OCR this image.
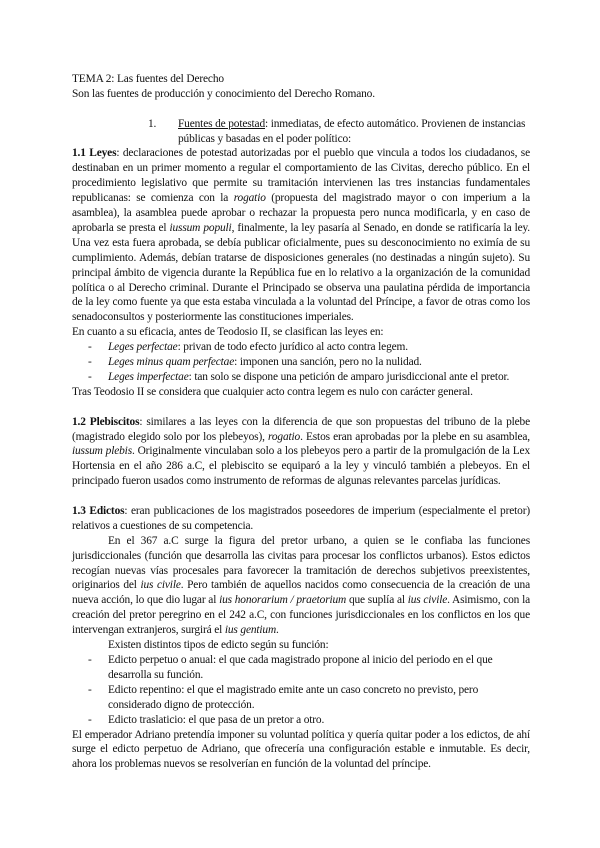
TEMA 2: Las fuentes del Derecho

Son las fuentes de producción y conocimiento del Derecho Romano.

1. Fuentes de potestad: inmediatas, de efecto automático. Provienen de instancias públicas y basadas en el poder político:

1.1 Leyes: declaraciones de potestad autorizadas por el pueblo que vincula a todos los ciudadanos, se destinaban en un primer momento a regular el comportamiento de las Civitas, derecho público. En el procedimiento legislativo que permite su tramitación intervienen las tres instancias fundamentales republicanas: se comienza con la rogatio (propuesta del magistrado mayor o con imperium a la asamblea), la asamblea puede aprobar o rechazar la propuesta pero nunca modificarla, y en caso de aprobarla se presta el iussum populi, finalmente, la ley pasaría al Senado, en donde se ratificaría la ley. Una vez esta fuera aprobada, se debía publicar oficialmente, pues su desconocimiento no eximía de su cumplimiento. Además, debían tratarse de disposiciones generales (no destinadas a ningún sujeto). Su principal ámbito de vigencia durante la República fue en lo relativo a la organización de la comunidad política o al Derecho criminal. Durante el Principado se observa una paulatina pérdida de importancia de la ley como fuente ya que esta estaba vinculada a la voluntad del Príncipe, a favor de otras como los senadoconsultos y posteriormente las constituciones imperiales.

En cuanto a su eficacia, antes de Teodosio II, se clasifican las leyes en:

- Leges perfectae: privan de todo efecto jurídico al acto contra legem.
- Leges minus quam perfectae: imponen una sanción, pero no la nulidad.
- Leges imperfectae: tan solo se dispone una petición de amparo jurisdiccional ante el pretor.

Tras Teodosio II se considera que cualquier acto contra legem es nulo con carácter general.

1.2 Plebiscitos: similares a las leyes con la diferencia de que son propuestas del tribuno de la plebe (magistrado elegido solo por los plebeyos), rogatio. Estos eran aprobadas por la plebe en su asamblea, iussum plebis. Originalmente vinculaban solo a los plebeyos pero a partir de la promulgación de la Lex Hortensia en el año 286 a.C, el plebiscito se equiparó a la ley y vinculó también a plebeyos. En el principado fueron usados como instrumento de reformas de algunas relevantes parcelas jurídicas.

1.3 Edictos: eran publicaciones de los magistrados poseedores de imperium (especialmente el pretor) relativos a cuestiones de su competencia.

En el 367 a.C surge la figura del pretor urbano, a quien se le confiaba las funciones jurisdiccionales (función que desarrolla las civitas para procesar los conflictos urbanos). Estos edictos recogían nuevas vías procesales para favorecer la tramitación de derechos subjetivos preexistentes, originarios del ius civile. Pero también de aquellos nacidos como consecuencia de la creación de una nueva acción, lo que dio lugar al ius honorarium / praetorium que suplía al ius civile. Asimismo, con la creación del pretor peregrino en el 242 a.C, con funciones jurisdiccionales en los conflictos en los que intervengan extranjeros, surgirá el ius gentium.

Existen distintos tipos de edicto según su función:

- Edicto perpetuo o anual: el que cada magistrado propone al inicio del periodo en el que desarrolla su función.
- Edicto repentino: el que el magistrado emite ante un caso concreto no previsto, pero considerado digno de protección.
- Edicto traslaticio: el que pasa de un pretor a otro.

El emperador Adriano pretendía imponer su voluntad política y quería quitar poder a los edictos, de ahí surge el edicto perpetuo de Adriano, que ofrecería una configuración estable e inmutable. Es decir, ahora los problemas nuevos se resolverían en función de la voluntad del príncipe.
